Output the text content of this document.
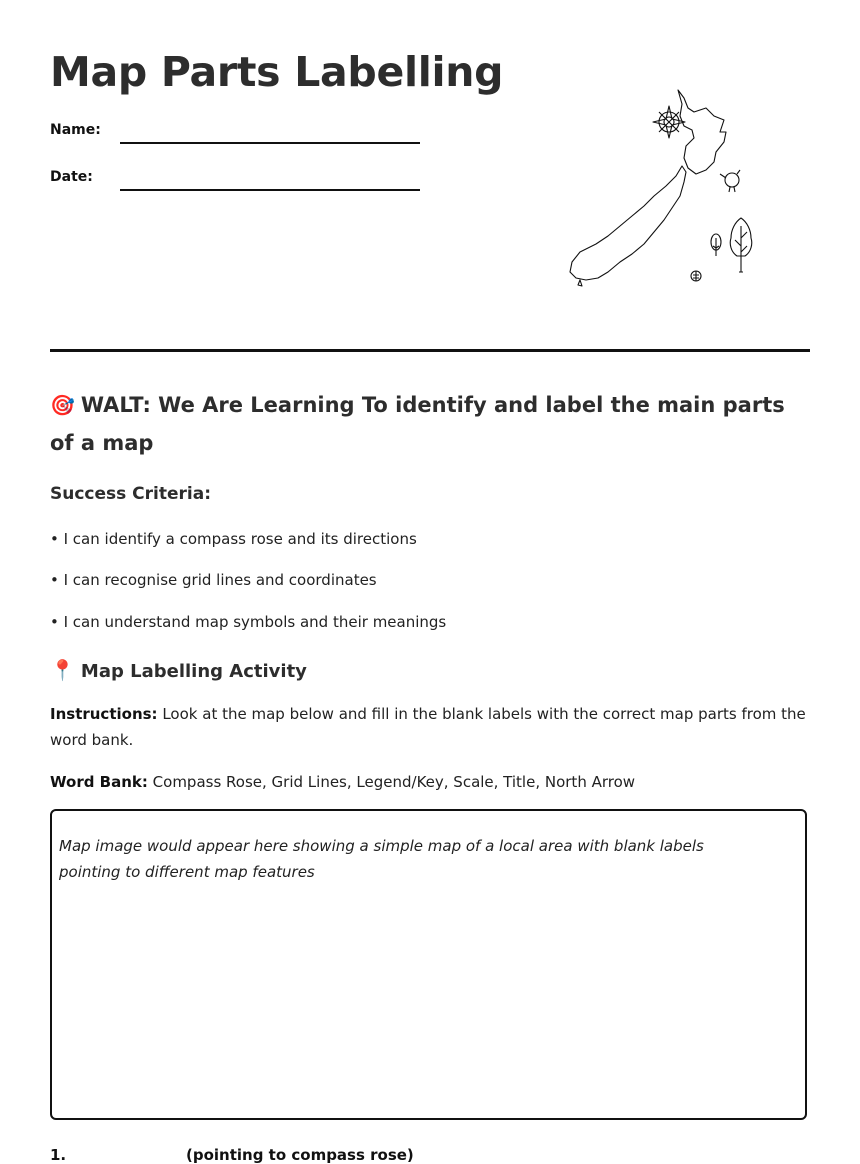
Map Parts Labelling
Name:
Date:
🎯 WALT: We Are Learning To identify and label the main parts of a map
Success Criteria:
• I can identify a compass rose and its directions
• I can recognise grid lines and coordinates
• I can understand map symbols and their meanings
📍 Map Labelling Activity
Instructions: Look at the map below and fill in the blank labels with the correct map parts from the word bank.
Word Bank: Compass Rose, Grid Lines, Legend/Key, Scale, Title, North Arrow
Map image would appear here showing a simple map of a local area with blank labels pointing to different map features
1.	(pointing to compass rose)
